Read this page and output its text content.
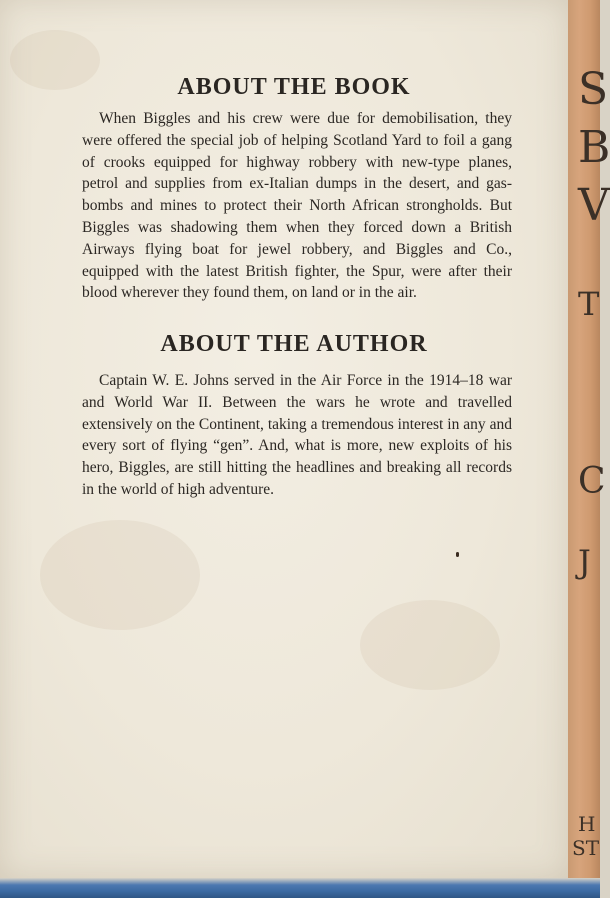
ABOUT THE BOOK

When Biggles and his crew were due for demobilisation, they were offered the special job of helping Scotland Yard to foil a gang of crooks equipped for highway robbery with new-type planes, petrol and supplies from ex-Italian dumps in the desert, and gas-bombs and mines to protect their North African strongholds. But Biggles was shadowing them when they forced down a British Airways flying boat for jewel robbery, and Biggles and Co., equipped with the latest British fighter, the Spur, were after their blood wherever they found them, on land or in the air.

ABOUT THE AUTHOR

Captain W. E. Johns served in the Air Force in the 1914–18 war and World War II. Between the wars he wrote and travelled extensively on the Continent, taking a tremendous interest in any and every sort of flying “gen”. And, what is more, new exploits of his hero, Biggles, are still hitting the headlines and breaking all records in the world of high adventure.

S
B
V
T
C
J
H
ST
